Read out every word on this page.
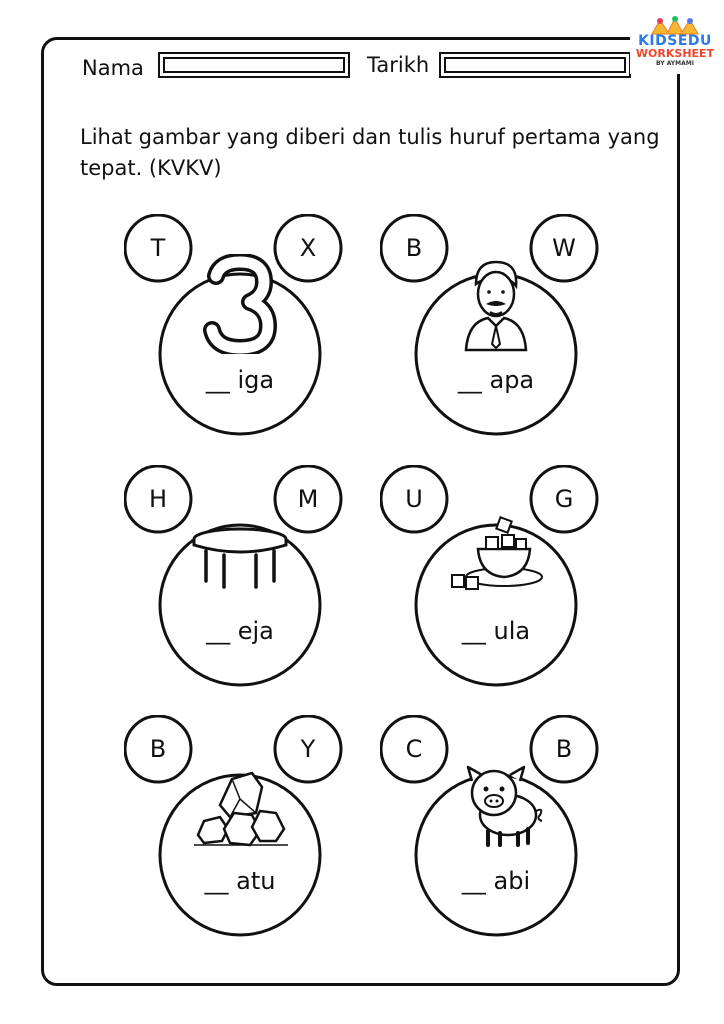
Nama	Tarikh
KIDSEDU
WORKSHEET
BY AYMAMI
Lihat gambar yang diberi dan tulis huruf pertama yang tepat. (KVKV)
T	X
__ iga
B	W
__ apa
H	M
__ eja
U	G
__ ula
B	Y
__ atu
C	B
__ abi
